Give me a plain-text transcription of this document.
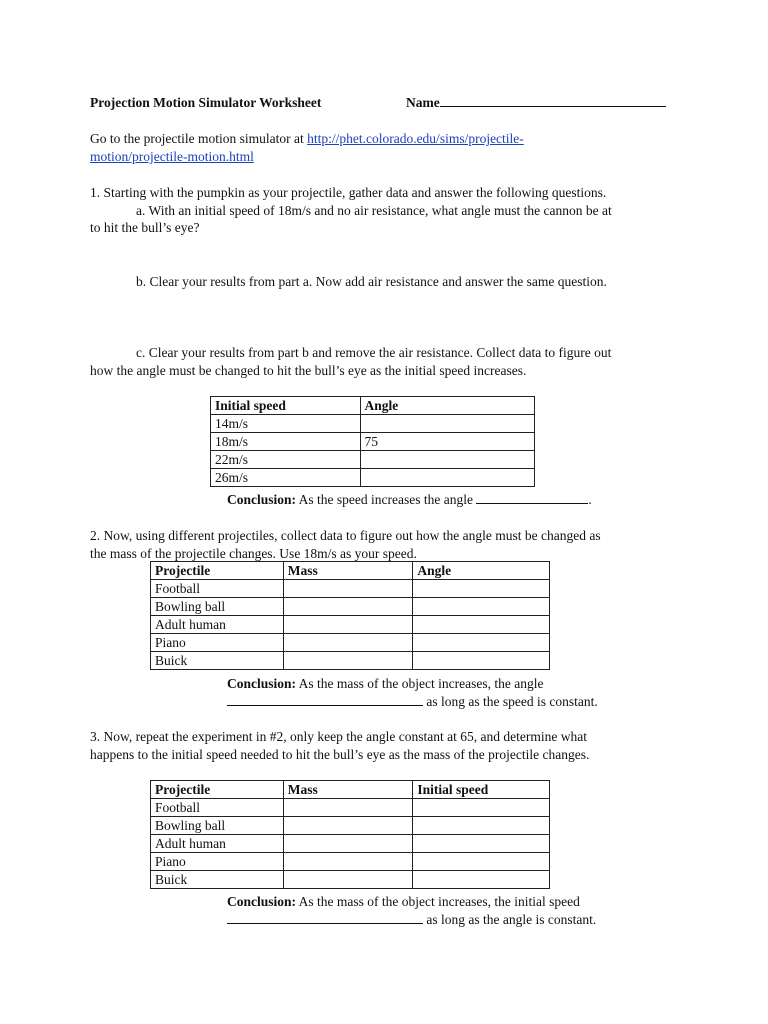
Projection Motion Simulator Worksheet	Name
Go to the projectile motion simulator at http://phet.colorado.edu/sims/projectile-
motion/projectile-motion.html
1. Starting with the pumpkin as your projectile, gather data and answer the following questions.
a. With an initial speed of 18m/s and no air resistance, what angle must the cannon be at
to hit the bull’s eye?
b. Clear your results from part a. Now add air resistance and answer the same question.
c. Clear your results from part b and remove the air resistance. Collect data to figure out
how the angle must be changed to hit the bull’s eye as the initial speed increases.
Initial speed	Angle
14m/s	
18m/s	75
22m/s	
26m/s	
Conclusion: As the speed increases the angle	.
2. Now, using different projectiles, collect data to figure out how the angle must be changed as
the mass of the projectile changes. Use 18m/s as your speed.
Projectile	Mass	Angle
Football		
Bowling ball		
Adult human		
Piano		
Buick		
Conclusion: As the mass of the object increases, the angle
as long as the speed is constant.
3. Now, repeat the experiment in #2, only keep the angle constant at 65, and determine what
happens to the initial speed needed to hit the bull’s eye as the mass of the projectile changes.
Projectile	Mass	Initial speed
Football		
Bowling ball		
Adult human		
Piano		
Buick		
Conclusion: As the mass of the object increases, the initial speed
as long as the angle is constant.
